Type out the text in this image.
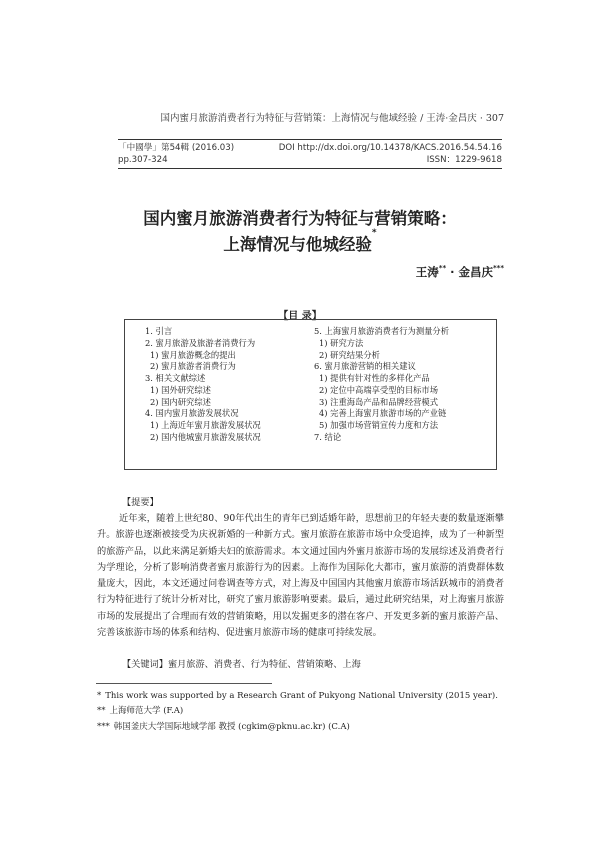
国内蜜月旅游消费者行为特征与营销策：上海情况与他域经验 / 王涛·金昌庆 · 307
「中國學」第54輯 (2016.03)	DOI http://dx.doi.org/10.14378/KACS.2016.54.54.16
pp.307-324	ISSN：1229-9618
国内蜜月旅游消费者行为特征与营销策略：
上海情况与他城经验*
王涛** · 金昌庆***
【目 录】
1. 引言
2. 蜜月旅游及旅游者消费行为
1) 蜜月旅游概念的提出
2) 蜜月旅游者消费行为
3. 相关文献综述
1) 国外研究综述
2) 国内研究综述
4. 国内蜜月旅游发展状况
1) 上海近年蜜月旅游发展状况
2) 国内他城蜜月旅游发展状况
5. 上海蜜月旅游消费者行为测量分析
1) 研究方法
2) 研究结果分析
6. 蜜月旅游营销的相关建议
1) 提供有针对性的多样化产品
2) 定位中高端享受型的目标市场
3) 注重海岛产品和品牌经营模式
4) 完善上海蜜月旅游市场的产业链
5) 加强市场营销宣传力度和方法
7. 结论
【提要】
近年来，随着上世纪80、90年代出生的青年已到适婚年龄，思想前卫的年轻夫妻的数量逐渐攀升。旅游也逐渐被接受为庆祝新婚的一种新方式。蜜月旅游在旅游市场中众受追捧，成为了一种新型的旅游产品，以此来满足新婚夫妇的旅游需求。本文通过国内外蜜月旅游市场的发展综述及消费者行为学理论，分析了影响消费者蜜月旅游行为的因素。上海作为国际化大都市，蜜月旅游的消费群体数量庞大，因此，本文还通过问卷调查等方式，对上海及中国国内其他蜜月旅游市场活跃城市的消费者行为特征进行了统计分析对比，研究了蜜月旅游影响要素。最后，通过此研究结果，对上海蜜月旅游市场的发展提出了合理而有效的营销策略，用以发掘更多的潜在客户、开发更多新的蜜月旅游产品、完善该旅游市场的体系和结构、促进蜜月旅游市场的健康可持续发展。
【关键词】蜜月旅游、消费者、行为特征、营销策略、上海
* This work was supported by a Research Grant of Pukyong National University (2015 year).
** 上海师范大学 (F.A)
*** 韩国釜庆大学国际地域学部 教授 (cgkim@pknu.ac.kr) (C.A)
